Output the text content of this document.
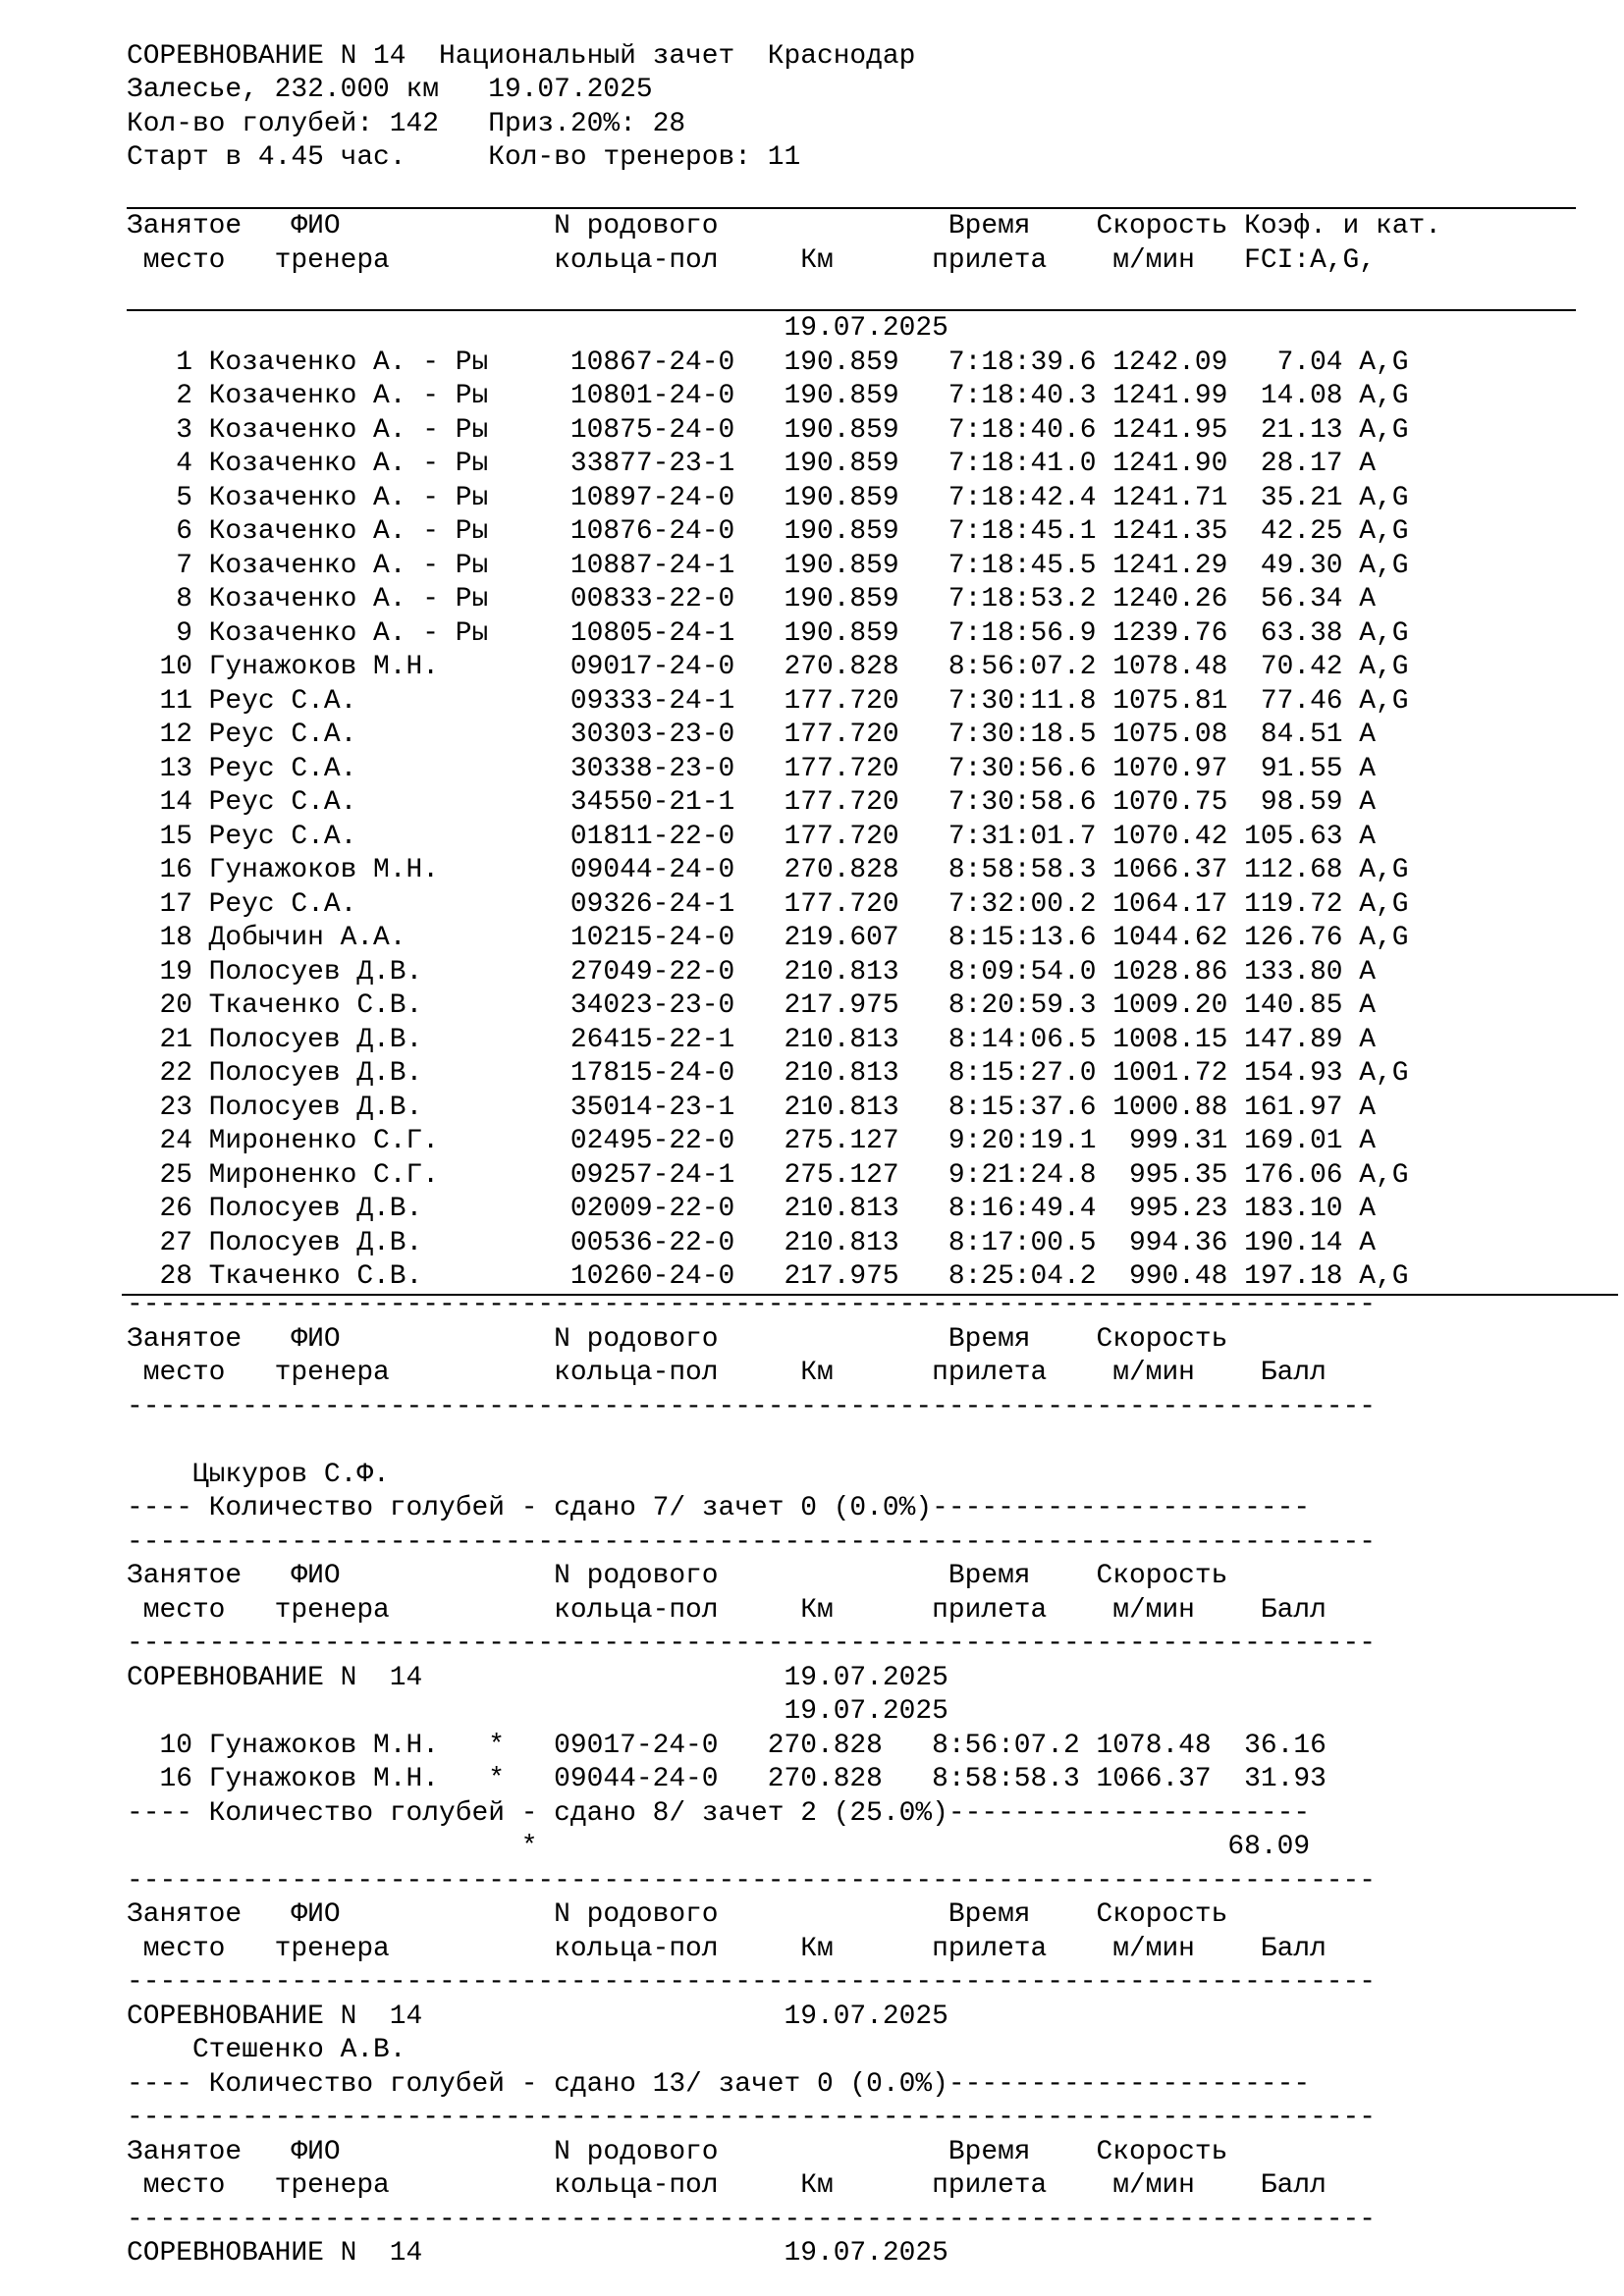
СОРЕВНОВАНИЕ N 14  Национальный зачет  Краснодар

Залесье, 232.000 км   19.07.2025

Кол-во голубей: 142   Приз.20%: 28

Старт в 4.45 час.     Кол-во тренеров: 11

Занятое   ФИО             N родового              Время    Скорость Коэф. и кат.

место   тренера          кольца-пол     Км      прилета    м/мин   FCI:A,G,

19.07.2025

1 Козаченко А. - Ры     10867-24-0   190.859   7:18:39.6 1242.09   7.04 A,G

2 Козаченко А. - Ры     10801-24-0   190.859   7:18:40.3 1241.99  14.08 A,G

3 Козаченко А. - Ры     10875-24-0   190.859   7:18:40.6 1241.95  21.13 A,G

4 Козаченко А. - Ры     33877-23-1   190.859   7:18:41.0 1241.90  28.17 A

5 Козаченко А. - Ры     10897-24-0   190.859   7:18:42.4 1241.71  35.21 A,G

6 Козаченко А. - Ры     10876-24-0   190.859   7:18:45.1 1241.35  42.25 A,G

7 Козаченко А. - Ры     10887-24-1   190.859   7:18:45.5 1241.29  49.30 A,G

8 Козаченко А. - Ры     00833-22-0   190.859   7:18:53.2 1240.26  56.34 A

9 Козаченко А. - Ры     10805-24-1   190.859   7:18:56.9 1239.76  63.38 A,G

10 Гунажоков М.Н.        09017-24-0   270.828   8:56:07.2 1078.48  70.42 A,G

11 Реус С.А.             09333-24-1   177.720   7:30:11.8 1075.81  77.46 A,G

12 Реус С.А.             30303-23-0   177.720   7:30:18.5 1075.08  84.51 A

13 Реус С.А.             30338-23-0   177.720   7:30:56.6 1070.97  91.55 A

14 Реус С.А.             34550-21-1   177.720   7:30:58.6 1070.75  98.59 A

15 Реус С.А.             01811-22-0   177.720   7:31:01.7 1070.42 105.63 A

16 Гунажоков М.Н.        09044-24-0   270.828   8:58:58.3 1066.37 112.68 A,G

17 Реус С.А.             09326-24-1   177.720   7:32:00.2 1064.17 119.72 A,G

18 Добычин А.А.          10215-24-0   219.607   8:15:13.6 1044.62 126.76 A,G

19 Полосуев Д.В.         27049-22-0   210.813   8:09:54.0 1028.86 133.80 A

20 Ткаченко С.В.         34023-23-0   217.975   8:20:59.3 1009.20 140.85 A

21 Полосуев Д.В.         26415-22-1   210.813   8:14:06.5 1008.15 147.89 A

22 Полосуев Д.В.         17815-24-0   210.813   8:15:27.0 1001.72 154.93 A,G

23 Полосуев Д.В.         35014-23-1   210.813   8:15:37.6 1000.88 161.97 A

24 Мироненко С.Г.        02495-22-0   275.127   9:20:19.1  999.31 169.01 A

25 Мироненко С.Г.        09257-24-1   275.127   9:21:24.8  995.35 176.06 A,G

26 Полосуев Д.В.         02009-22-0   210.813   8:16:49.4  995.23 183.10 A

27 Полосуев Д.В.         00536-22-0   210.813   8:17:00.5  994.36 190.14 A

28 Ткаченко С.В.         10260-24-0   217.975   8:25:04.2  990.48 197.18 A,G

----------------------------------------------------------------------------

Занятое   ФИО             N родового              Время    Скорость

место   тренера          кольца-пол     Км      прилета    м/мин    Балл

----------------------------------------------------------------------------

Цыкуров С.Ф.

---- Количество голубей - сдано 7/ зачет 0 (0.0%)-----------------------

----------------------------------------------------------------------------

Занятое   ФИО             N родового              Время    Скорость

место   тренера          кольца-пол     Км      прилета    м/мин    Балл

----------------------------------------------------------------------------

СОРЕВНОВАНИЕ N  14                      19.07.2025

19.07.2025

10 Гунажоков М.Н.   *   09017-24-0   270.828   8:56:07.2 1078.48  36.16

16 Гунажоков М.Н.   *   09044-24-0   270.828   8:58:58.3 1066.37  31.93

---- Количество голубей - сдано 8/ зачет 2 (25.0%)----------------------

*                                          68.09

----------------------------------------------------------------------------

Занятое   ФИО             N родового              Время    Скорость

место   тренера          кольца-пол     Км      прилета    м/мин    Балл

----------------------------------------------------------------------------

СОРЕВНОВАНИЕ N  14                      19.07.2025

Стешенко А.В.

---- Количество голубей - сдано 13/ зачет 0 (0.0%)----------------------

----------------------------------------------------------------------------

Занятое   ФИО             N родового              Время    Скорость

место   тренера          кольца-пол     Км      прилета    м/мин    Балл

----------------------------------------------------------------------------

СОРЕВНОВАНИЕ N  14                      19.07.2025
